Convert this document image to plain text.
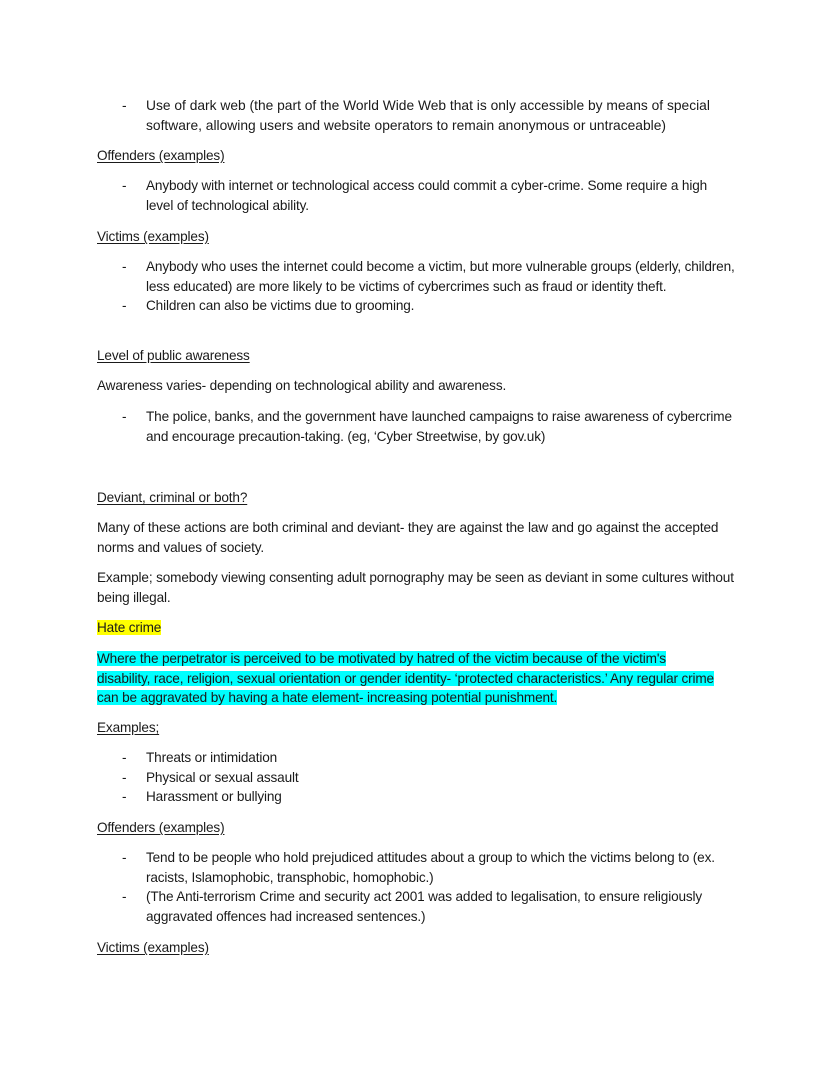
- Use of dark web (the part of the World Wide Web that is only accessible by means of special software, allowing users and website operators to remain anonymous or untraceable)

Offenders (examples)

- Anybody with internet or technological access could commit a cyber-crime. Some require a high level of technological ability.

Victims (examples)

- Anybody who uses the internet could become a victim, but more vulnerable groups (elderly, children, less educated) are more likely to be victims of cybercrimes such as fraud or identity theft.
- Children can also be victims due to grooming.

Level of public awareness

Awareness varies- depending on technological ability and awareness.

- The police, banks, and the government have launched campaigns to raise awareness of cybercrime and encourage precaution-taking. (eg, ‘Cyber Streetwise, by gov.uk)

Deviant, criminal or both?

Many of these actions are both criminal and deviant- they are against the law and go against the accepted norms and values of society.

Example; somebody viewing consenting adult pornography may be seen as deviant in some cultures without being illegal.

Hate crime

Where the perpetrator is perceived to be motivated by hatred of the victim because of the victim's disability, race, religion, sexual orientation or gender identity- ‘protected characteristics.’ Any regular crime can be aggravated by having a hate element- increasing potential punishment.

Examples;

- Threats or intimidation
- Physical or sexual assault
- Harassment or bullying

Offenders (examples)

- Tend to be people who hold prejudiced attitudes about a group to which the victims belong to (ex. racists, Islamophobic, transphobic, homophobic.)
- (The Anti-terrorism Crime and security act 2001 was added to legalisation, to ensure religiously aggravated offences had increased sentences.)

Victims (examples)
